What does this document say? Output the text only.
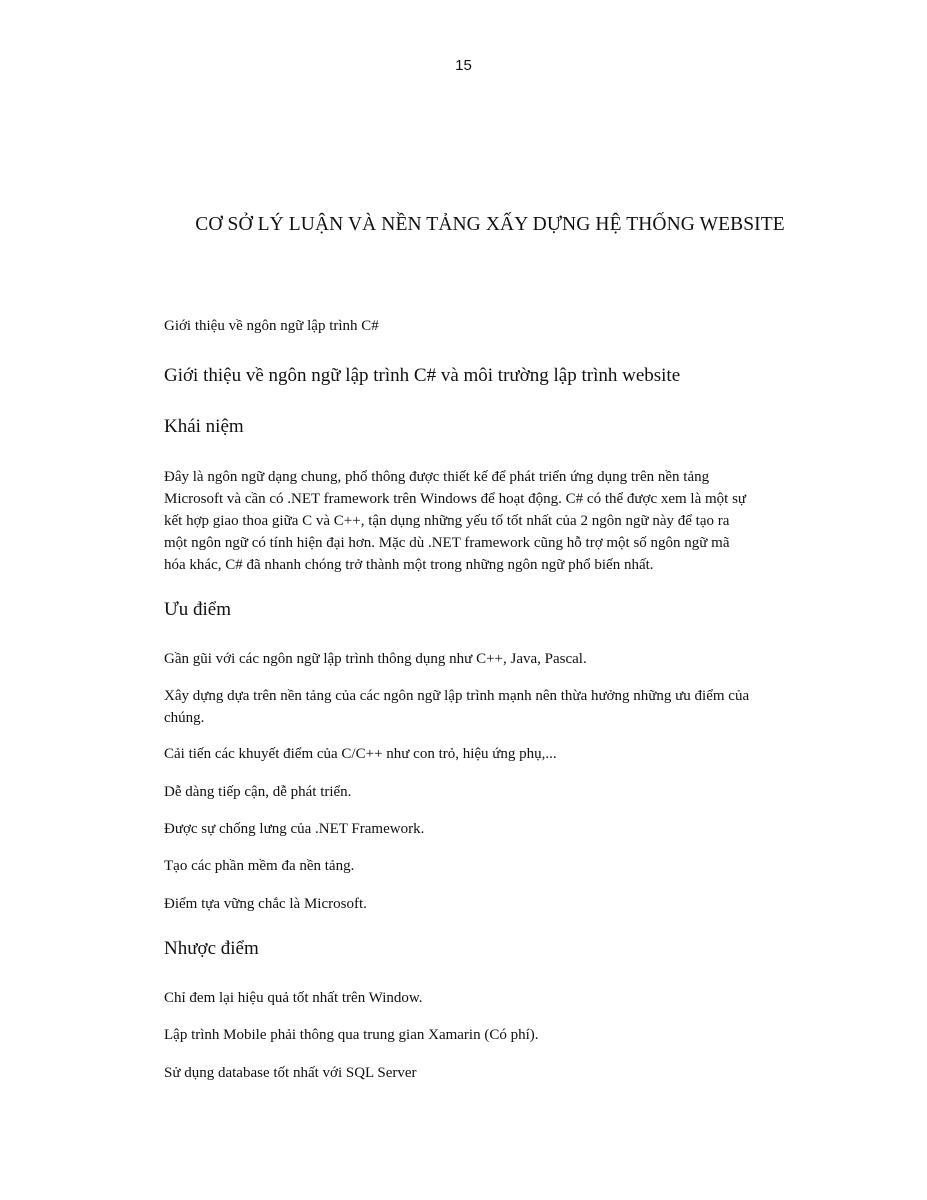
15
CƠ SỞ LÝ LUẬN VÀ NỀN TẢNG XẤY DỰNG HỆ THỐNG WEBSITE
Giới thiệu về ngôn ngữ lập trình C#
Giới thiệu về ngôn ngữ lập trình C# và môi trường lập trình website
Khái niệm
Đây là ngôn ngữ dạng chung, phổ thông được thiết kế để phát triển ứng dụng trên nền tảng
Microsoft và cần có .NET framework trên Windows để hoạt động. C# có thể được xem là một sự
kết hợp giao thoa giữa C và C++, tận dụng những yếu tố tốt nhất của 2 ngôn ngữ này để tạo ra
một ngôn ngữ có tính hiện đại hơn. Mặc dù .NET framework cũng hỗ trợ một số ngôn ngữ mã
hóa khác, C# đã nhanh chóng trở thành một trong những ngôn ngữ phổ biến nhất.
Ưu điểm
Gần gũi với các ngôn ngữ lập trình thông dụng như C++, Java, Pascal.
Xây dựng dựa trên nền tảng của các ngôn ngữ lập trình mạnh nên thừa hưởng những ưu điểm của
chúng.
Cải tiến các khuyết điểm của C/C++ như con trỏ, hiệu ứng phụ,...
Dễ dàng tiếp cận, dễ phát triển.
Được sự chống lưng của .NET Framework.
Tạo các phần mềm đa nền tảng.
Điểm tựa vững chắc là Microsoft.
Nhược điểm
Chỉ đem lại hiệu quả tốt nhất trên Window.
Lập trình Mobile phải thông qua trung gian Xamarin (Có phí).
Sử dụng database tốt nhất với SQL Server
